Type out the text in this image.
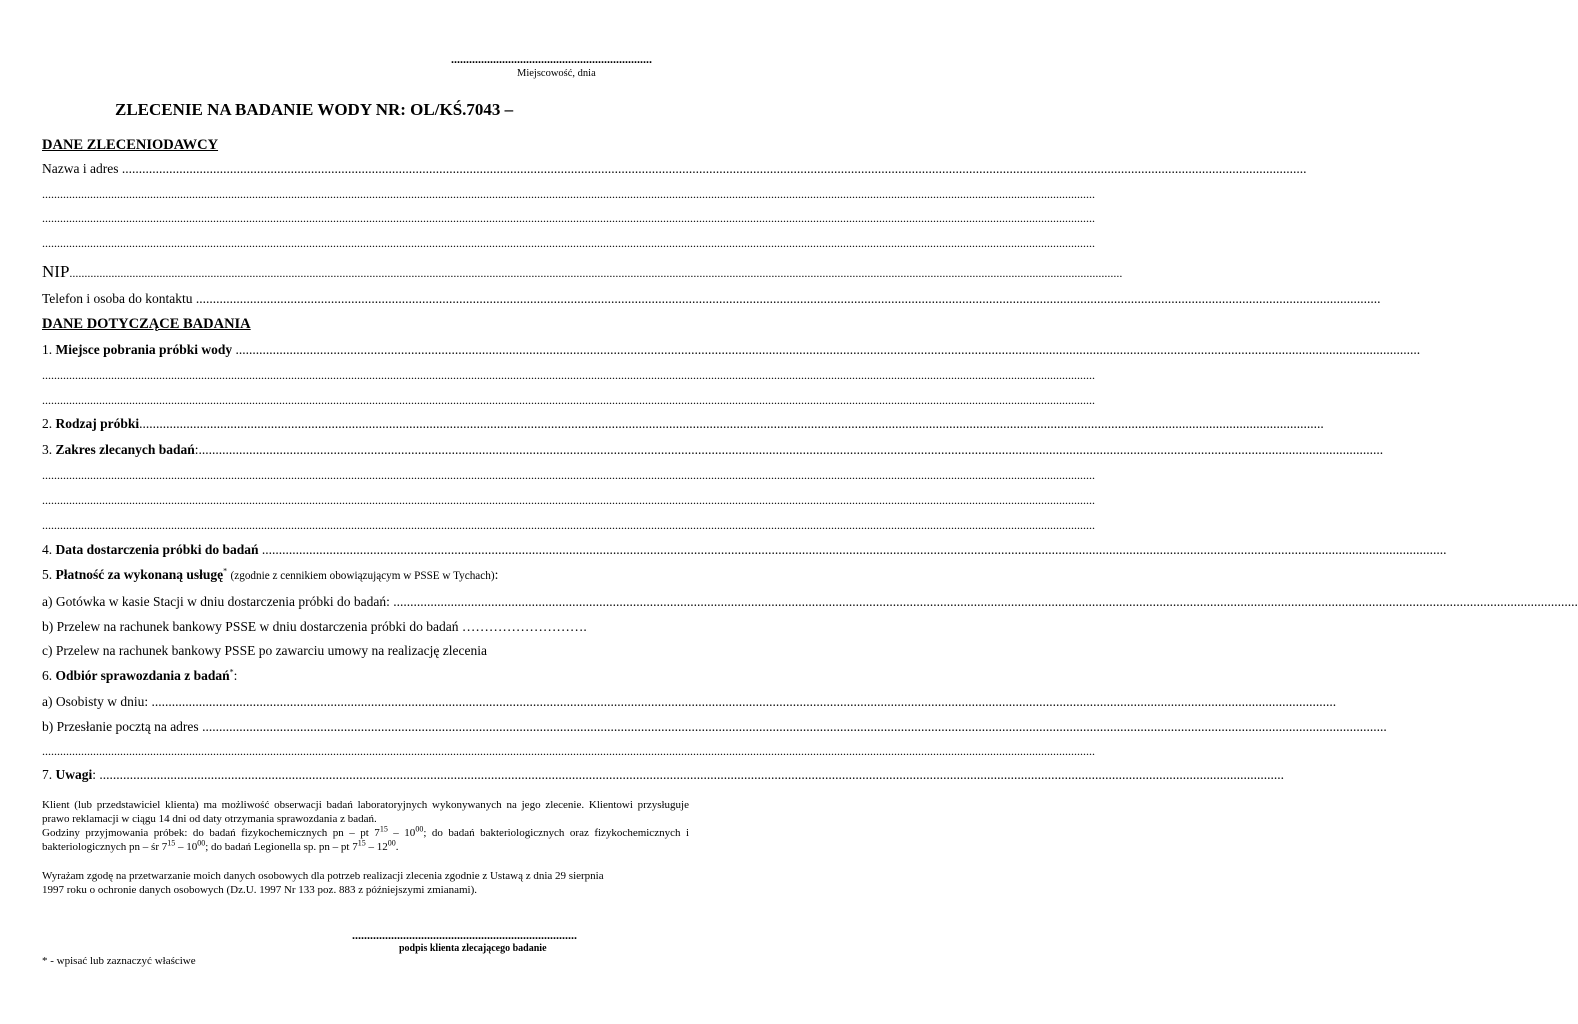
...................................................................
Miejscowość, dnia
ZLECENIE NA BADANIE WODY NR: OL/KŚ.7043 –
DANE ZLECENIODAWCY
Nazwa i adres ...............................................................................................................................................................................................................................................................................................................................................................
...............................................................................................................................................................................................................................................................................................................................................................
...............................................................................................................................................................................................................................................................................................................................................................
...............................................................................................................................................................................................................................................................................................................................................................
NIP...............................................................................................................................................................................................................................................................................................................................................................
Telefon i osoba do kontaktu ...............................................................................................................................................................................................................................................................................................................................................................
DANE DOTYCZĄCE BADANIA
1. Miejsce pobrania próbki wody ...............................................................................................................................................................................................................................................................................................................................................................
...............................................................................................................................................................................................................................................................................................................................................................
...............................................................................................................................................................................................................................................................................................................................................................
2. Rodzaj próbki...............................................................................................................................................................................................................................................................................................................................................................
3. Zakres zlecanych badań:...............................................................................................................................................................................................................................................................................................................................................................
...............................................................................................................................................................................................................................................................................................................................................................
...............................................................................................................................................................................................................................................................................................................................................................
...............................................................................................................................................................................................................................................................................................................................................................
4. Data dostarczenia próbki do badań ...............................................................................................................................................................................................................................................................................................................................................................
5. Płatność za wykonaną usługę* (zgodnie z cennikiem obowiązującym w PSSE w Tychach):
a) Gotówka w kasie Stacji w dniu dostarczenia próbki do badań: ...............................................................................................................................................................................................................................................................................................................................................................
b) Przelew na rachunek bankowy PSSE w dniu dostarczenia próbki do badań ……………………….
c) Przelew na rachunek bankowy PSSE po zawarciu umowy na realizację zlecenia
6. Odbiór sprawozdania z badań*:
a) Osobisty w dniu: ...............................................................................................................................................................................................................................................................................................................................................................
b) Przesłanie pocztą na adres ...............................................................................................................................................................................................................................................................................................................................................................
...............................................................................................................................................................................................................................................................................................................................................................
7. Uwagi: ...............................................................................................................................................................................................................................................................................................................................................................
Klient (lub przedstawiciel klienta) ma możliwość obserwacji badań laboratoryjnych wykonywanych na jego zlecenie. Klientowi przysługuje prawo reklamacji w ciągu 14 dni od daty otrzymania sprawozdania z badań.
Godziny przyjmowania próbek: do badań fizykochemicznych pn – pt $7^{15} - 10^{00}$; do badań bakteriologicznych oraz fizykochemicznych i bakteriologicznych pn – śr $7^{15} - 10^{00}$; do badań Legionella sp. pn – pt $7^{15} - 12^{00}$.
Wyrażam zgodę na przetwarzanie moich danych osobowych dla potrzeb realizacji zlecenia zgodnie z Ustawą z dnia 29 sierpnia
1997 roku o ochronie danych osobowych (Dz.U. 1997 Nr 133 poz. 883 z późniejszymi zmianami).
...........................................................................
podpis klienta zlecającego badanie
* - wpisać lub zaznaczyć właściwe
